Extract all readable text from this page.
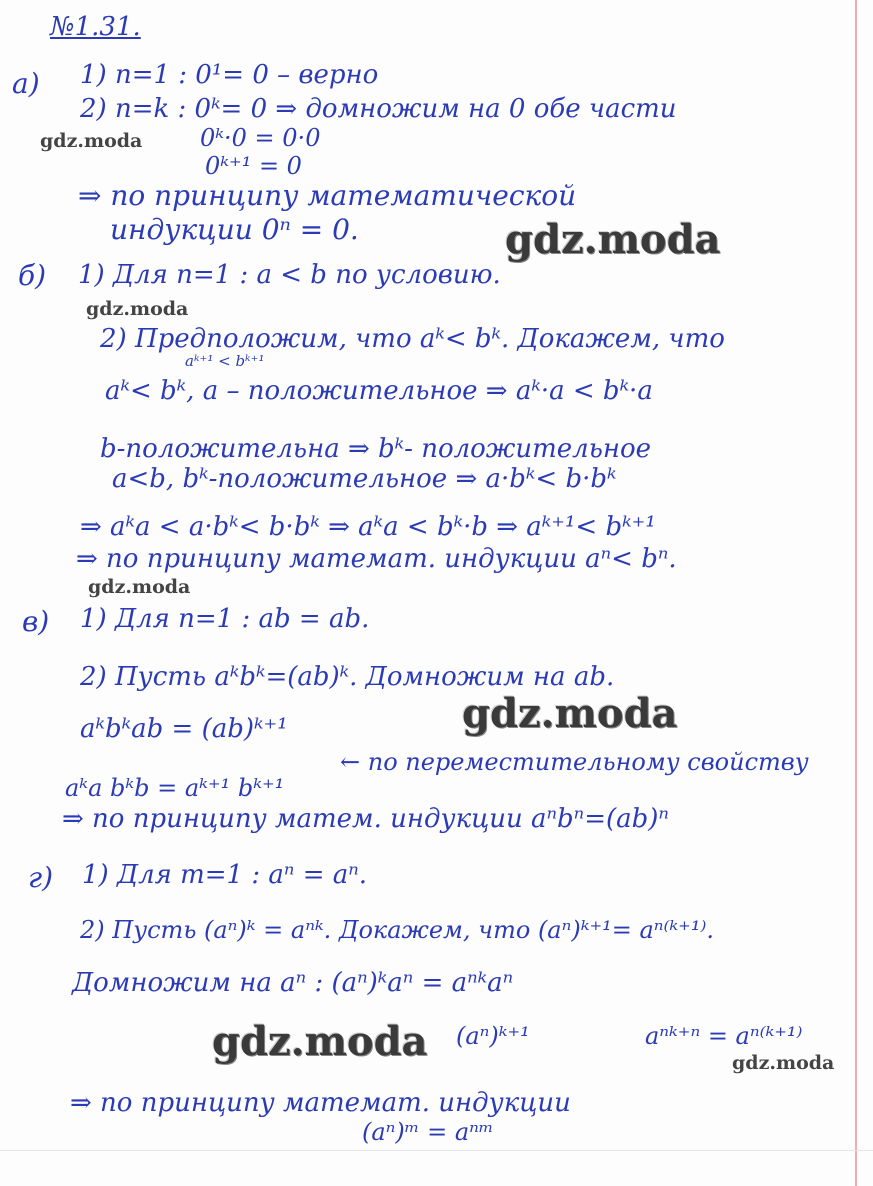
№1.31.
а) 1) n=1 : 0¹= 0 – верно
2) n=k : 0ᵏ= 0 ⇒ домножим на 0 обе части
0ᵏ·0 = 0·0
0ᵏ⁺¹ = 0
⇒ по принципу математической
индукции 0ⁿ = 0.
б) 1) Для n=1 : a < b по условию.
2) Предположим, что aᵏ< bᵏ. Докажем, что
aᵏ⁺¹ < bᵏ⁺¹
aᵏ< bᵏ, a – положительное ⇒ aᵏ·a < bᵏ·a
b-положительна ⇒ bᵏ- положительное
a<b, bᵏ-положительное ⇒ a·bᵏ< b·bᵏ
⇒ aᵏa < a·bᵏ< b·bᵏ ⇒ aᵏa < bᵏ·b ⇒ aᵏ⁺¹< bᵏ⁺¹
⇒ по принципу математ. индукции aⁿ< bⁿ.
в) 1) Для n=1 : ab = ab.
2) Пусть aᵏbᵏ=(ab)ᵏ. Домножим на ab.
aᵏbᵏab = (ab)ᵏ⁺¹
aᵏa bᵏb = aᵏ⁺¹ bᵏ⁺¹
← по переместительному свойству
⇒ по принципу матем. индукции aⁿbⁿ=(ab)ⁿ
г) 1) Для m=1 : aⁿ = aⁿ.
2) Пусть (aⁿ)ᵏ = aⁿᵏ. Докажем, что (aⁿ)ᵏ⁺¹= aⁿ⁽ᵏ⁺¹⁾.
Домножим на aⁿ : (aⁿ)ᵏaⁿ = aⁿᵏaⁿ
(aⁿ)ᵏ⁺¹	aⁿᵏ⁺ⁿ = aⁿ⁽ᵏ⁺¹⁾
⇒ по принципу математ. индукции
(aⁿ)ᵐ = aⁿᵐ
gdz.moda
gdz.moda
gdz.moda
gdz.moda
gdz.moda
gdz.moda	gdz.moda
